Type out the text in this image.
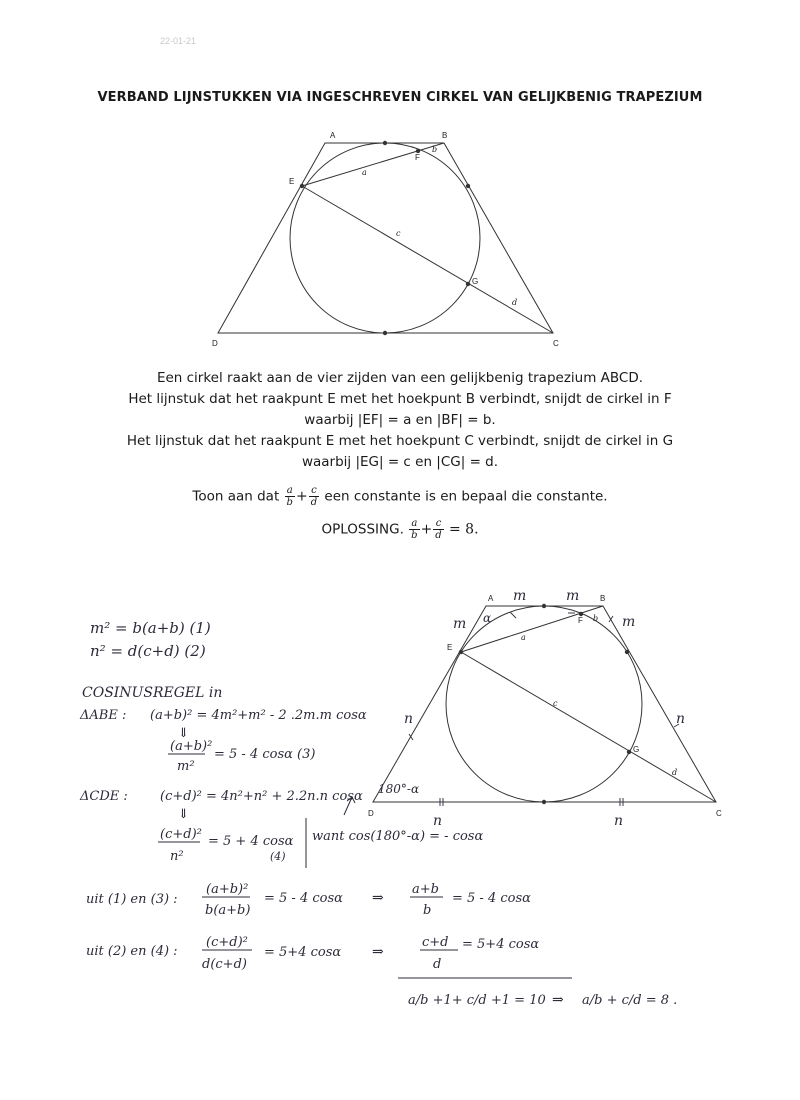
22-01-21
VERBAND LIJNSTUKKEN VIA INGESCHREVEN CIRKEL VAN GELIJKBENIG TRAPEZIUM
A	B
C
D
E
F
G
a
b
c
d
Een cirkel raakt aan de vier zijden van een gelijkbenig trapezium ABCD.
Het lijnstuk dat het raakpunt E met het hoekpunt B verbindt, snijdt de cirkel in F
waarbij |EF| = a en |BF| = b.
Het lijnstuk dat het raakpunt E met het hoekpunt C verbindt, snijdt de cirkel in G
waarbij |EG| = c en |CG| = d.
Toon aan dat $\frac{a}{b} + \frac{c}{d}$ een constante is en bepaal die constante.
OPLOSSING. $\frac{a}{b} + \frac{c}{d} = 8$.
A	B
C
D
E
F
G
a
b
c
d
m	m
m	m
n	n
n	n
α
180°-α
m² = b(a+b) (1)
n² = d(c+d) (2)
COSINUSREGEL in
ΔABE : (a+b)² = 4m²+m² - 2 .2m.m cosα
⇓
(a+b)²
m²
= 5 - 4 cosα (3)
ΔCDE : (c+d)² = 4n²+n² + 2.2n.n cosα
⇓
(c+d)²
n²
= 5 + 4 cosα
(4)
want cos(180°-α) = - cosα
uit (1) en (3) :
(a+b)²
b(a+b)
= 5 - 4 cosα ⇒
a+b
b
= 5 - 4 cosα
uit (2) en (4) :
(c+d)²
d(c+d)
= 5+4 cosα ⇒
c+d
d
= 5+4 cosα
a/b +1+ c/d +1 = 10 ⇒ a/b + c/d = 8 .
